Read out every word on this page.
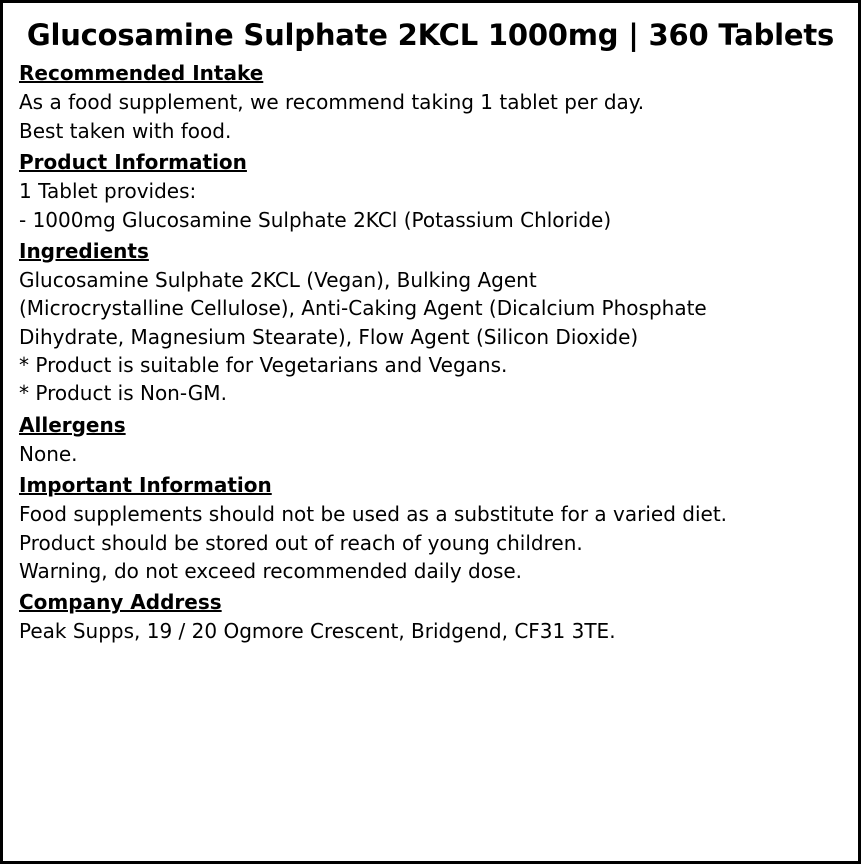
Glucosamine Sulphate 2KCL 1000mg | 360 Tablets
Recommended Intake

As a food supplement, we recommend taking 1 tablet per day.

Best taken with food.

Product Information

1 Tablet provides:

- 1000mg Glucosamine Sulphate 2KCl (Potassium Chloride)

Ingredients

Glucosamine Sulphate 2KCL (Vegan), Bulking Agent

(Microcrystalline Cellulose), Anti-Caking Agent (Dicalcium Phosphate

Dihydrate, Magnesium Stearate), Flow Agent (Silicon Dioxide)

* Product is suitable for Vegetarians and Vegans.

* Product is Non-GM.

Allergens

None.

Important Information

Food supplements should not be used as a substitute for a varied diet.

Product should be stored out of reach of young children.

Warning, do not exceed recommended daily dose.

Company Address

Peak Supps, 19 / 20 Ogmore Crescent, Bridgend, CF31 3TE.
